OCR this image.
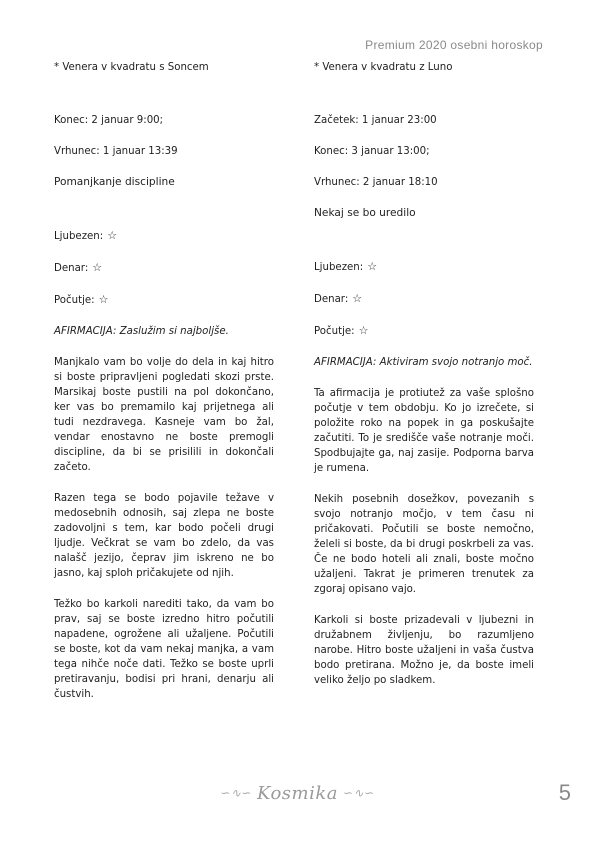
Premium 2020 osebni horoskop

* Venera v kvadratu s Soncem

Konec: 2 januar 9:00;

Vrhunec: 1 januar 13:39

Pomanjkanje discipline

Ljubezen: ☆

Denar: ☆

Počutje: ☆

AFIRMACIJA: Zaslužim si najboljše.

Manjkalo vam bo volje do dela in kaj hitro si boste pripravljeni pogledati skozi prste. Marsikaj boste pustili na pol dokončano, ker vas bo premamilo kaj prijetnega ali tudi nezdravega. Kasneje vam bo žal, vendar enostavno ne boste premogli discipline, da bi se prisilili in dokončali začeto.

Razen tega se bodo pojavile težave v medosebnih odnosih, saj zlepa ne boste zadovoljni s tem, kar bodo počeli drugi ljudje. Večkrat se vam bo zdelo, da vas nalašč jezijo, čeprav jim iskreno ne bo jasno, kaj sploh pričakujete od njih.

Težko bo karkoli narediti tako, da vam bo prav, saj se boste izredno hitro počutili napadene, ogrožene ali užaljene. Počutili se boste, kot da vam nekaj manjka, a vam tega nihče noče dati. Težko se boste uprli pretiravanju, bodisi pri hrani, denarju ali čustvih.

* Venera v kvadratu z Luno

Začetek: 1 januar 23:00

Konec: 3 januar 13:00;

Vrhunec: 2 januar 18:10

Nekaj se bo uredilo

Ljubezen: ☆

Denar: ☆

Počutje: ☆

AFIRMACIJA: Aktiviram svojo notranjo moč.

Ta afirmacija je protiutež za vaše splošno počutje v tem obdobju. Ko jo izrečete, si položite roko na popek in ga poskušajte začutiti. To je središče vaše notranje moči. Spodbujajte ga, naj zasije. Podporna barva je rumena.

Nekih posebnih dosežkov, povezanih s svojo notranjo močjo, v tem času ni pričakovati. Počutili se boste nemočno, želeli si boste, da bi drugi poskrbeli za vas. Če ne bodo hoteli ali znali, boste močno užaljeni. Takrat je primeren trenutek za zgoraj opisano vajo.

Karkoli si boste prizadevali v ljubezni in družabnem življenju, bo razumljeno narobe. Hitro boste užaljeni in vaša čustva bodo pretirana. Možno je, da boste imeli veliko željo po sladkem.

∽∿∽ Kosmika ∽∿∽	5
